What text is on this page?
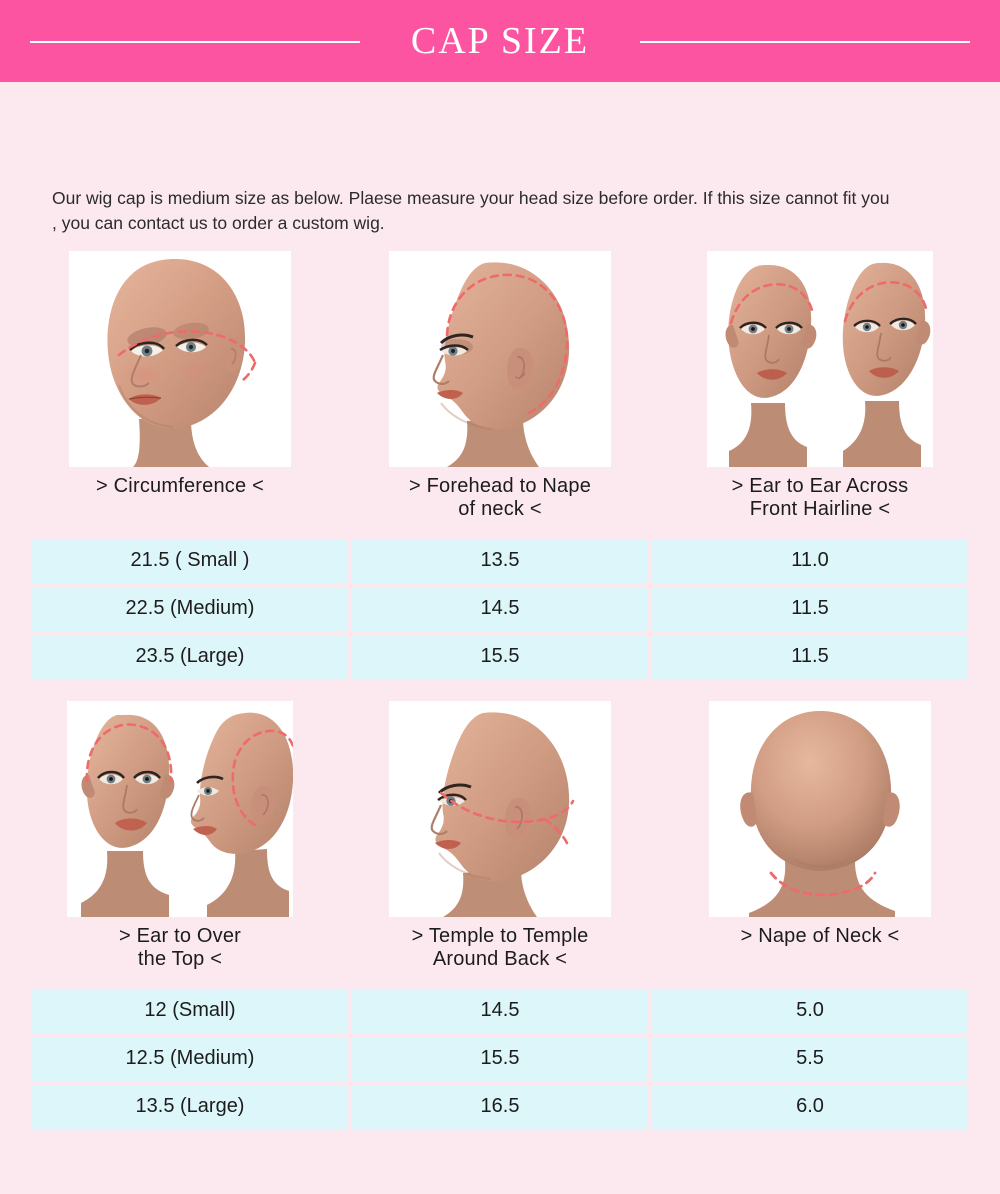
CAP SIZE

Our wig cap is medium size as below. Plaese measure your head size before order. If this size cannot fit you , you can contact us to order a custom wig.

> Circumference <	> Forehead to Nape
of neck <
> Ear to Ear Across
Front Hairline <
21.5 ( Small )	13.5	11.0
22.5 (Medium)	14.5	11.5
23.5 (Large)	15.5	11.5
> Ear to Over
the Top <
> Temple to Temple
Around Back <
> Nape of Neck <
12 (Small)	14.5	5.0
12.5 (Medium)	15.5	5.5
13.5 (Large)	16.5	6.0
